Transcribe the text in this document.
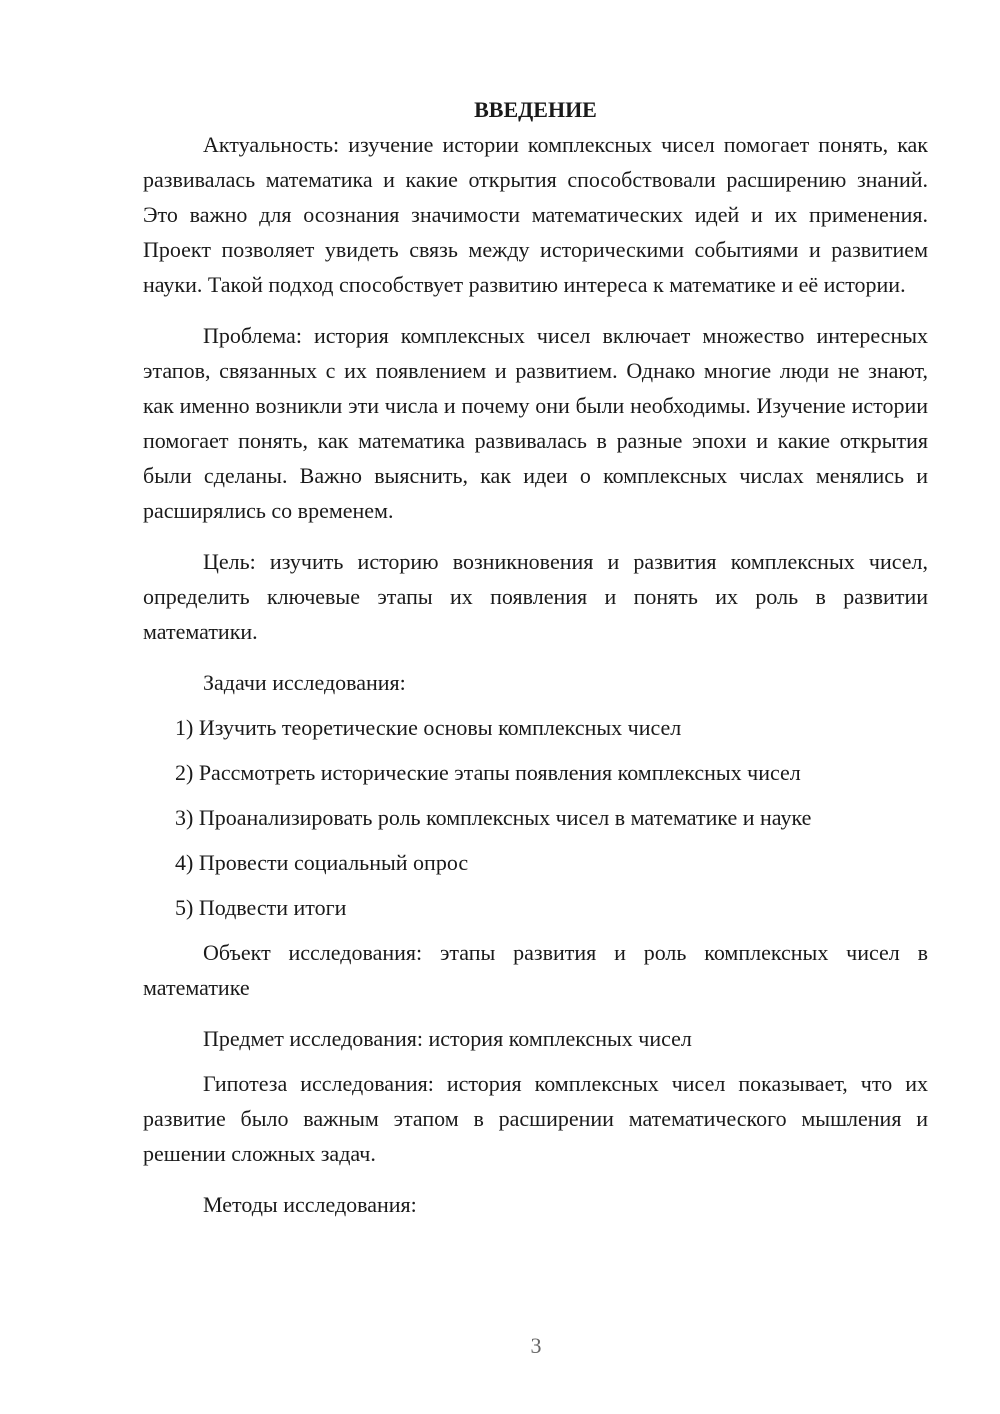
ВВЕДЕНИЕ

Актуальность: изучение истории комплексных чисел помогает понять, как развивалась математика и какие открытия способствовали расширению знаний. Это важно для осознания значимости математических идей и их применения. Проект позволяет увидеть связь между историческими событиями и развитием науки. Такой подход способствует развитию интереса к математике и её истории.

Проблема: история комплексных чисел включает множество интересных этапов, связанных с их появлением и развитием. Однако многие люди не знают, как именно возникли эти числа и почему они были необходимы. Изучение истории помогает понять, как математика развивалась в разные эпохи и какие открытия были сделаны. Важно выяснить, как идеи о комплексных числах менялись и расширялись со временем.

Цель: изучить историю возникновения и развития комплексных чисел, определить ключевые этапы их появления и понять их роль в развитии математики.

Задачи исследования:

1) Изучить теоретические основы комплексных чисел

2) Рассмотреть исторические этапы появления комплексных чисел

3) Проанализировать роль комплексных чисел в математике и науке

4) Провести социальный опрос

5) Подвести итоги

Объект исследования: этапы развития и роль комплексных чисел в математике

Предмет исследования: история комплексных чисел

Гипотеза исследования: история комплексных чисел показывает, что их развитие было важным этапом в расширении математического мышления и решении сложных задач.

Методы исследования:

3
